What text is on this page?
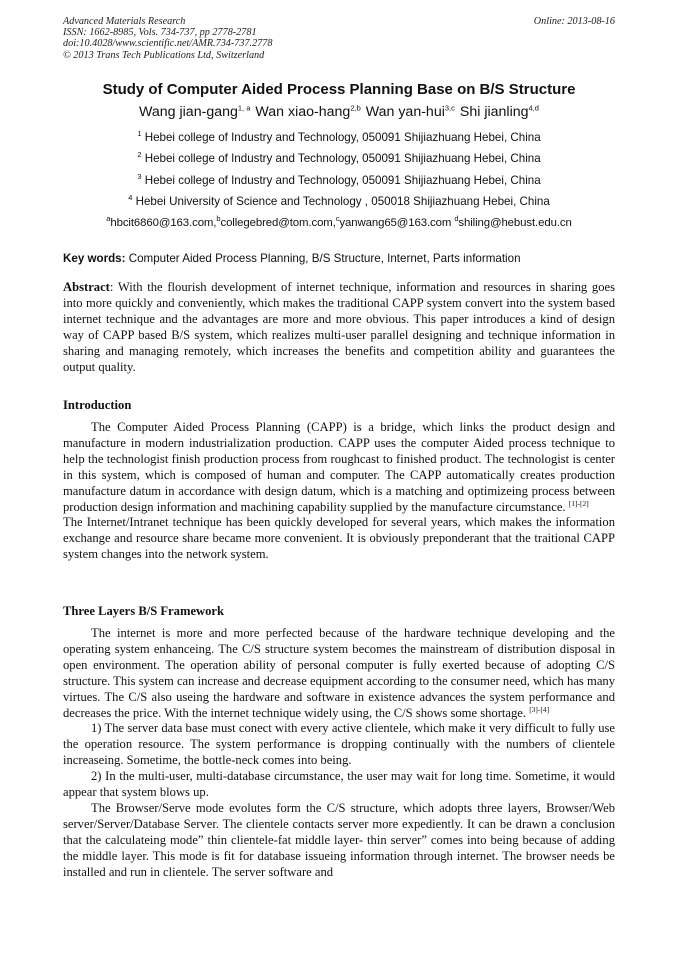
Advanced Materials Research
ISSN: 1662-8985, Vols. 734-737, pp 2778-2781
doi:10.4028/www.scientific.net/AMR.734-737.2778
© 2013 Trans Tech Publications Ltd, Switzerland
Online: 2013-08-16
Study of Computer Aided Process Planning Base on B/S Structure
Wang jian-gang$^{1, a}$ Wan xiao-hang$^{2,b}$ Wan yan-hui$^{3,c}$ Shi jianling$^{4,d}$
$^1$ Hebei college of Industry and Technology, 050091 Shijiazhuang Hebei, China
$^2$ Hebei college of Industry and Technology, 050091 Shijiazhuang Hebei, China
$^3$ Hebei college of Industry and Technology, 050091 Shijiazhuang Hebei, China
$^4$ Hebei University of Science and Technology , 050018 Shijiazhuang Hebei, China
$^a$hbcit6860@163.com,$^b$collegebred@tom.com,$^c$yanwang65@163.com $^d$shiling@hebust.edu.cn
Key words: Computer Aided Process Planning, B/S Structure, Internet, Parts information
Abstract: With the flourish development of internet technique, information and resources in sharing goes into more quickly and conveniently, which makes the traditional CAPP system convert into the system based internet technique and the advantages are more and more obvious. This paper introduces a kind of design way of CAPP based B/S system, which realizes multi-user parallel designing and technique information in sharing and managing remotely, which increases the benefits and competition ability and guarantees the output quality.
Introduction

The Computer Aided Process Planning (CAPP) is a bridge, which links the product design and manufacture in modern industrialization production. CAPP uses the computer Aided process technique to help the technologist finish production process from roughcast to finished product. The technologist is center in this system, which is composed of human and computer. The CAPP automatically creates production manufacture datum in accordance with design datum, which is a matching and optimizeing process between production design information and machining capability supplied by the manufacture circumstance. [1]-[2]

The Internet/Intranet technique has been quickly developed for several years, which makes the information exchange and resource share became more convenient. It is obviously preponderant that the traitional CAPP system changes into the network system.

Three Layers B/S Framework

The internet is more and more perfected because of the hardware technique developing and the operating system enhanceing. The C/S structure system becomes the mainstream of distribution disposal in open environment. The operation ability of personal computer is fully exerted because of adopting C/S structure. This system can increase and decrease equipment according to the consumer need, which has many virtues. The C/S also useing the hardware and software in existence advances the system performance and decreases the price. With the internet technique widely using, the C/S shows some shortage. [3]-[4]

1) The server data base must conect with every active clientele, which make it very difficult to fully use the operation resource. The system performance is dropping continually with the numbers of clientele increaseing. Sometime, the bottle-neck comes into being.

2) In the multi-user, multi-database circumstance, the user may wait for long time. Sometime, it would appear that system blows up.

The Browser/Serve mode evolutes form the C/S structure, which adopts three layers, Browser/Web server/Server/Database Server. The clientele contacts server more expediently. It can be drawn a conclusion that the calculateing mode” thin clientele-fat middle layer- thin server” comes into being because of adding the middle layer. This mode is fit for database issueing information through internet. The browser needs be installed and run in clientele. The server software and
